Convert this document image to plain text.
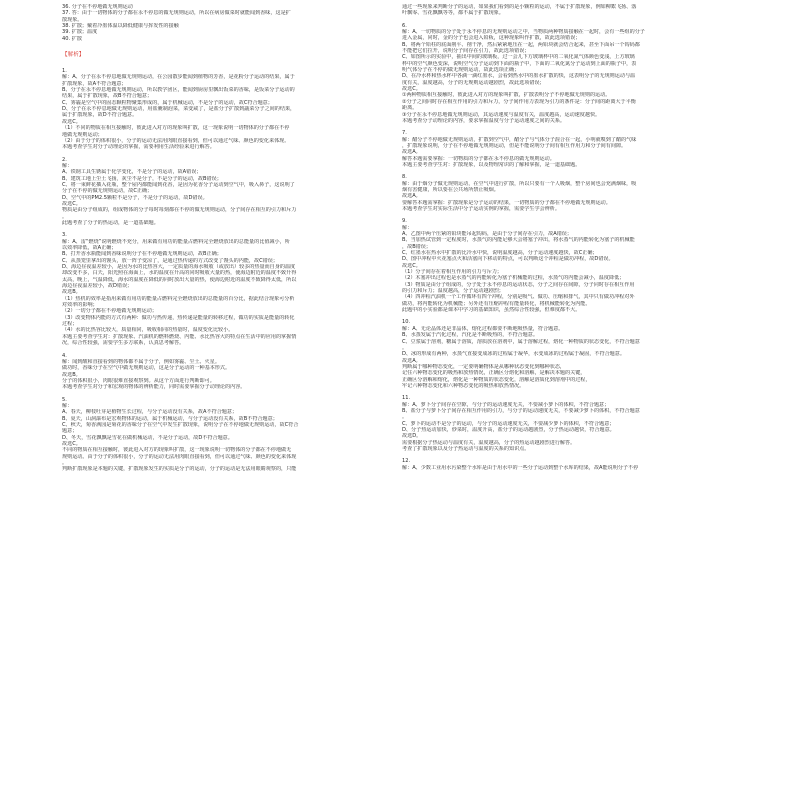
36. 分子在不停地做无规则运动
37. 答：由于一切物体的分子都在永不停息的做无规则运动，所以在病房做菜时就能闻到香味，这是扩
散现象。
38. 扩散；戴着冷墨体温以降低健康与挥发性的接触
39. 扩散；温度
40. 扩散
【解析】
1.
解：A、分子在永不停息地做无规则运动，在公园散步能闻到植物的芳香，是花粉分子运动的结果，属于
扩散现象，故A不符合题意；
B、分子在永不停息地做无规则运动，所以教学团区，能闻到厨房里飘出饭菜的香味，是饭菜分子运动的
结果，属于扩散现象，故B不符合题意；
C、雾霾是空气中的固态颗粒物聚集形成的，属于机械运动，不是分子的运动，故C符合题意；
D、分子在永不停息地做无规则运动，用盐腌制泡菜，菜变咸了，是盐分子扩散到蔬菜分子之间的结果，
属于扩散现象，故D不符合题意。
故选C。
（1）不同的物质在相互接触时，彼此进入对方的现象叫扩散，这一现象说明一切物体的分子都在不停
地做无规则运动；
（2）由于分子的体积很小，分子的运动无法用肉眼直接看到，但可以通过气味、颜色的变化来体现。
本题考查学生对分子动理论的掌握，需要利用生活经验来进行解答。
2.
解：
A、铁钢工具生锈属于化学变化，不是分子的运动，故A错误；
B、建筑工地上尘土飞扬，灰尘不是分子，不是分子的运动，故B错误；
C、将一束鲜花插入花瓶，整个屋内都能闻到花香，是因为花香分子运动到空气中，吸入鼻子，这说明了
分子在不停的做无规则运动，故C正确；
D、空气中的PM2.5颗粒不是分子，不是分子的运动，故D错误。
故选C。
物质是由分子组成的，组成物体的分子每时每刻都在不停的做无规则运动，分子间存在相互的引力和斥力
。
此题考查了分子的热运动，是一道基础题。
3.
解：A、雷“燃烧”说明燃烧不充分，用来做有用功的能量占燃料完全燃烧放出的总能量的比值减小，所
以效率降低，故A正确；
B、打开香水瓶能闻到香味说明分子在不停地做无规则运动，故B正确；
C、从蒸笼里拿出的馒头，放一阵子变凉了，是通过热传递的方式改变了馒头的内能，故C错误；
D、海边昼夜温差较小，是因为水的比热容大，一定质量的海水吸收（或放出）较多的热量而自身的温度
却改变不多，白天，阳光照在海面上，水的温度在升高的同时吸收大量的热，使海边附近的温度不致升得
太高，晚上，气温降低，海水的温度在降低的同时放出大量的热，使海边附近的温度不致降得太低，所以
海边昼夜温差较小，故D错误；
故选B。
（1）热机的效率是指用来做有用功的能量占燃料完全燃烧放出的总能量的百分比，据此结合现象可分析
对效率的影响；
（2）一切分子都在不停地做无规则运动；
（3）改变物体内能的方式有两种：做功与热传递，热传递是能量的转移过程，做功的实质是能量的转化
过程；
（4）水的比热容比较大，质量相同，吸收相同的热量时，温度变化比较小。
本题主要考查学生对：扩散现象、汽油机的燃料燃烧、内能、水比热容大的特点在生活中的应用的掌握情
况，综合性较强，需要学生多方联系，认真思考解答。
4.
解：闻到酸和直接看到的物体都不属于分子，例如雾霾、尘土、火星。
做功时，香味分子在空气中做无规则运动，这是分子运动的一种基本形式。
故选B。
分子的体积很小，肉眼很难直接观察到。从这个方面进行判断即可。
本题考查学生对分子和宏观的物体的辨析能力，同时需要掌握分子动理论的内容。
5.
解：
A、春天，柳枝吐芽是植物生长过程，与分子运动没有关系，故A不符合题意；
B、夏天，山洞瀑布是宏观物体的运动，属于机械运动，与分子运动没有关系，故B不符合题意；
C、秋天，菊香满园是菊花的香味分子在空气中发生扩散现象，说明分子在不停地做无规则运动，故C符合
题意；
D、冬天，雪花飘飘是雪花在做机械运动，不是分子运动，故D不符合题意。
故选C。
不同的物质在相互接触时，彼此进入对方的现象叫扩散，这一现象说明一切物体的分子都在不停地做无
规则运动。由于分子的体积很小，分子的运动无法用肉眼直接看到，但可以通过气味、颜色的变化来体现
。
判断扩散现象是本题的关键，扩散现象发生的实质是分子的运动，分子的运动是无法用眼睛观察的，只能
通过一些现象来判断分子的运动，如果我们看到的是小颗粒的运动，不属于扩散现象，例如柳絮飞扬、落
叶飘零、雪花飘飘等等，都不属于扩散现象。
6.
解：A、一切物质的分子处于永不停息的无规则运动之中，当物质两种物质接触在一起时，会有一些组的分子
进入金属，同时，金的分子也会进入铅板，这种现象叫作扩散，故此选项错误；
B、将两个铅柱的底面削平、削干净，然后紧紧地压在一起，两铅块就会结合起来，甚至下面吊一个钩码都
不能把它们拉开，说明分子间存在引力，故此选项错误；
C、如图所示的实验中，抽出中间的玻璃板，过一会儿下方玻璃杯中的二氧化氮气体颜色变浅，上方玻璃
杯中的空气颜色变深，说明空气分子运动到下面的瓶子中，下面的二氧化氮分子运动到上面的瓶子中，表
明气体分子在不停的做无规则运动，故此选项正确；
D、在冷水杯和热水杯中各滴一滴红墨水，会看到热水中的墨水扩散的快，这表明分子的无规则运动与温
度有关，温度越高，分子的无规则运动越剧烈，故此选项错误；
故选C。
①两种物质相互接触时，彼此进入对方的现象叫扩散，扩散表明分子不停地做无规则的运动。
②分子之间同时存在相互作用的引力和斥力，分子间作用力表现为引力的条件是：分子间的距离大于平衡
距离。
③分子在永不停息地做无规则运动，其运动速度与温度有关，温度越高，运动速度越快。
本题考查分子动理论的内容，要求掌握温度与分子运动速度之间的关系。
7.
解：醋分子不停地做无规则运动，扩散到空气中，醋分子与气体分子混合在一起，小明就嗅到了醋的气味
，扩散现象说明，分子在不停地做无规则运动，但是不能说明分子间有相互作用力和分子间有间隙。
故选A。
解答本题需要掌握：一切物质的分子都在永不停息的做无规则运动。
本题主要考查学生对：扩散现象，以及物理常识的了解和掌握，是一道基础题。
8.
解：由于烟分子做无规则运动，在空气中进行扩散，所以只要有一个人吸烟，整个房间也会充满烟味，吸
烟有害健康，所以要在公共场所禁止吸烟。
故选A。
要解答本题需掌握：扩散现象是分子运动的结果，一切物质的分子都在不停地做无规则运动。
本题考查学生对实际生活中分子运动实例的掌握，需要学生学会辨析。
9.
解：
A、乙图中两个压紧的铅块能吊起钩码，是由于分子间存在引力，故A错误；
B、当加热试管到一定程度时，水蒸气的内能足够大会将塞子冲出，将水蒸气的内能转化为塞子的机械能
，故B错误；
C、红墨水在热水中扩散的比冷水中快，说明温度越高，分子运动速度越快，故C正确；
D、图中冲程中火花塞点火和活塞向下移动的特点，可以判断这个冲程是做功冲程，故D错误。
故选C。
（1）分子间存在着相互作用的引力与斥力；
（2）木塞冲出过程也是水蒸气的内能转化为塞子机械能的过程，水蒸气的内能会减小，温度降低；
（3）物质是由分子组成的，分子处于永不停息的运动状态，分子之间存在间隙，分子同时存在相互作用
的引力和斥力；温度越高，分子运动越剧烈；
（4）四冲程汽油机一个工作循环有四个冲程，分别是吸气、做功、压缩和排气，其中只有做功冲程对外
做功，将内能转化为机械能；另外还有压缩冲程有能量转化，将机械能转化为内能。
此题中的小实验都是课本中学习的基础知识，虽然综合性较强，但难度都不大。
10.
解：A、无论晶体还是非晶体，熔化过程都要不断地吸热量，符合题意。
B、水蒸发属于汽化过程，汽化是不断吸热的，不符合题意。
C、豆浆属于溶剂，糖属于溶质，溶质放在溶剂中，属于溶解过程，熔化一种物质的状态变化，不符合题意
。
D、冰的形成有两种，水蒸气直接变成冰的过程属于凝华，水变成冰的过程属于凝固，不符合题意。
故选A。
判断属于哪种物态变化，一定要明确物体是从哪种状态变化到哪种状态，
记住六种物态变化的吸热和放热情况，正确区分熔化和溶解，是解决本题的关键，
正确区分溶解和熔化，熔化是一种物质的状态变化，溶解是溶质化到溶剂中的过程，
牢记六种物态变化和六种物态变化的吸热和放热情况。
11.
解：A、萝卜分子间存在空隙，与分子的运动速度无关，不要减小萝卜的体积，不符合题意；
B、盐分子与萝卜分子间存在相互作用的引力，与分子的运动速度无关，不要减少萝卜的体积，不符合题意
。
C、萝卜的运动不是分子的运动，与分子的运动速度无关，不要减少萝卜的体积，不符合题意；
D、分子热运动加快，炒菜时，温度升高，盐分子的运动越剧烈，分子热运动越快，符合题意。
故选D。
需要根据分子热运动与温度有关，温度越高，分子的热运动越剧烈进行解答。
考查了扩散现象以及分子热运动与温度的关系的知识点。
12.
解：A、少数工业用水污染整个水库是由于用水中的一些分子运动到整个水库的结果，故A能说明分子不停
